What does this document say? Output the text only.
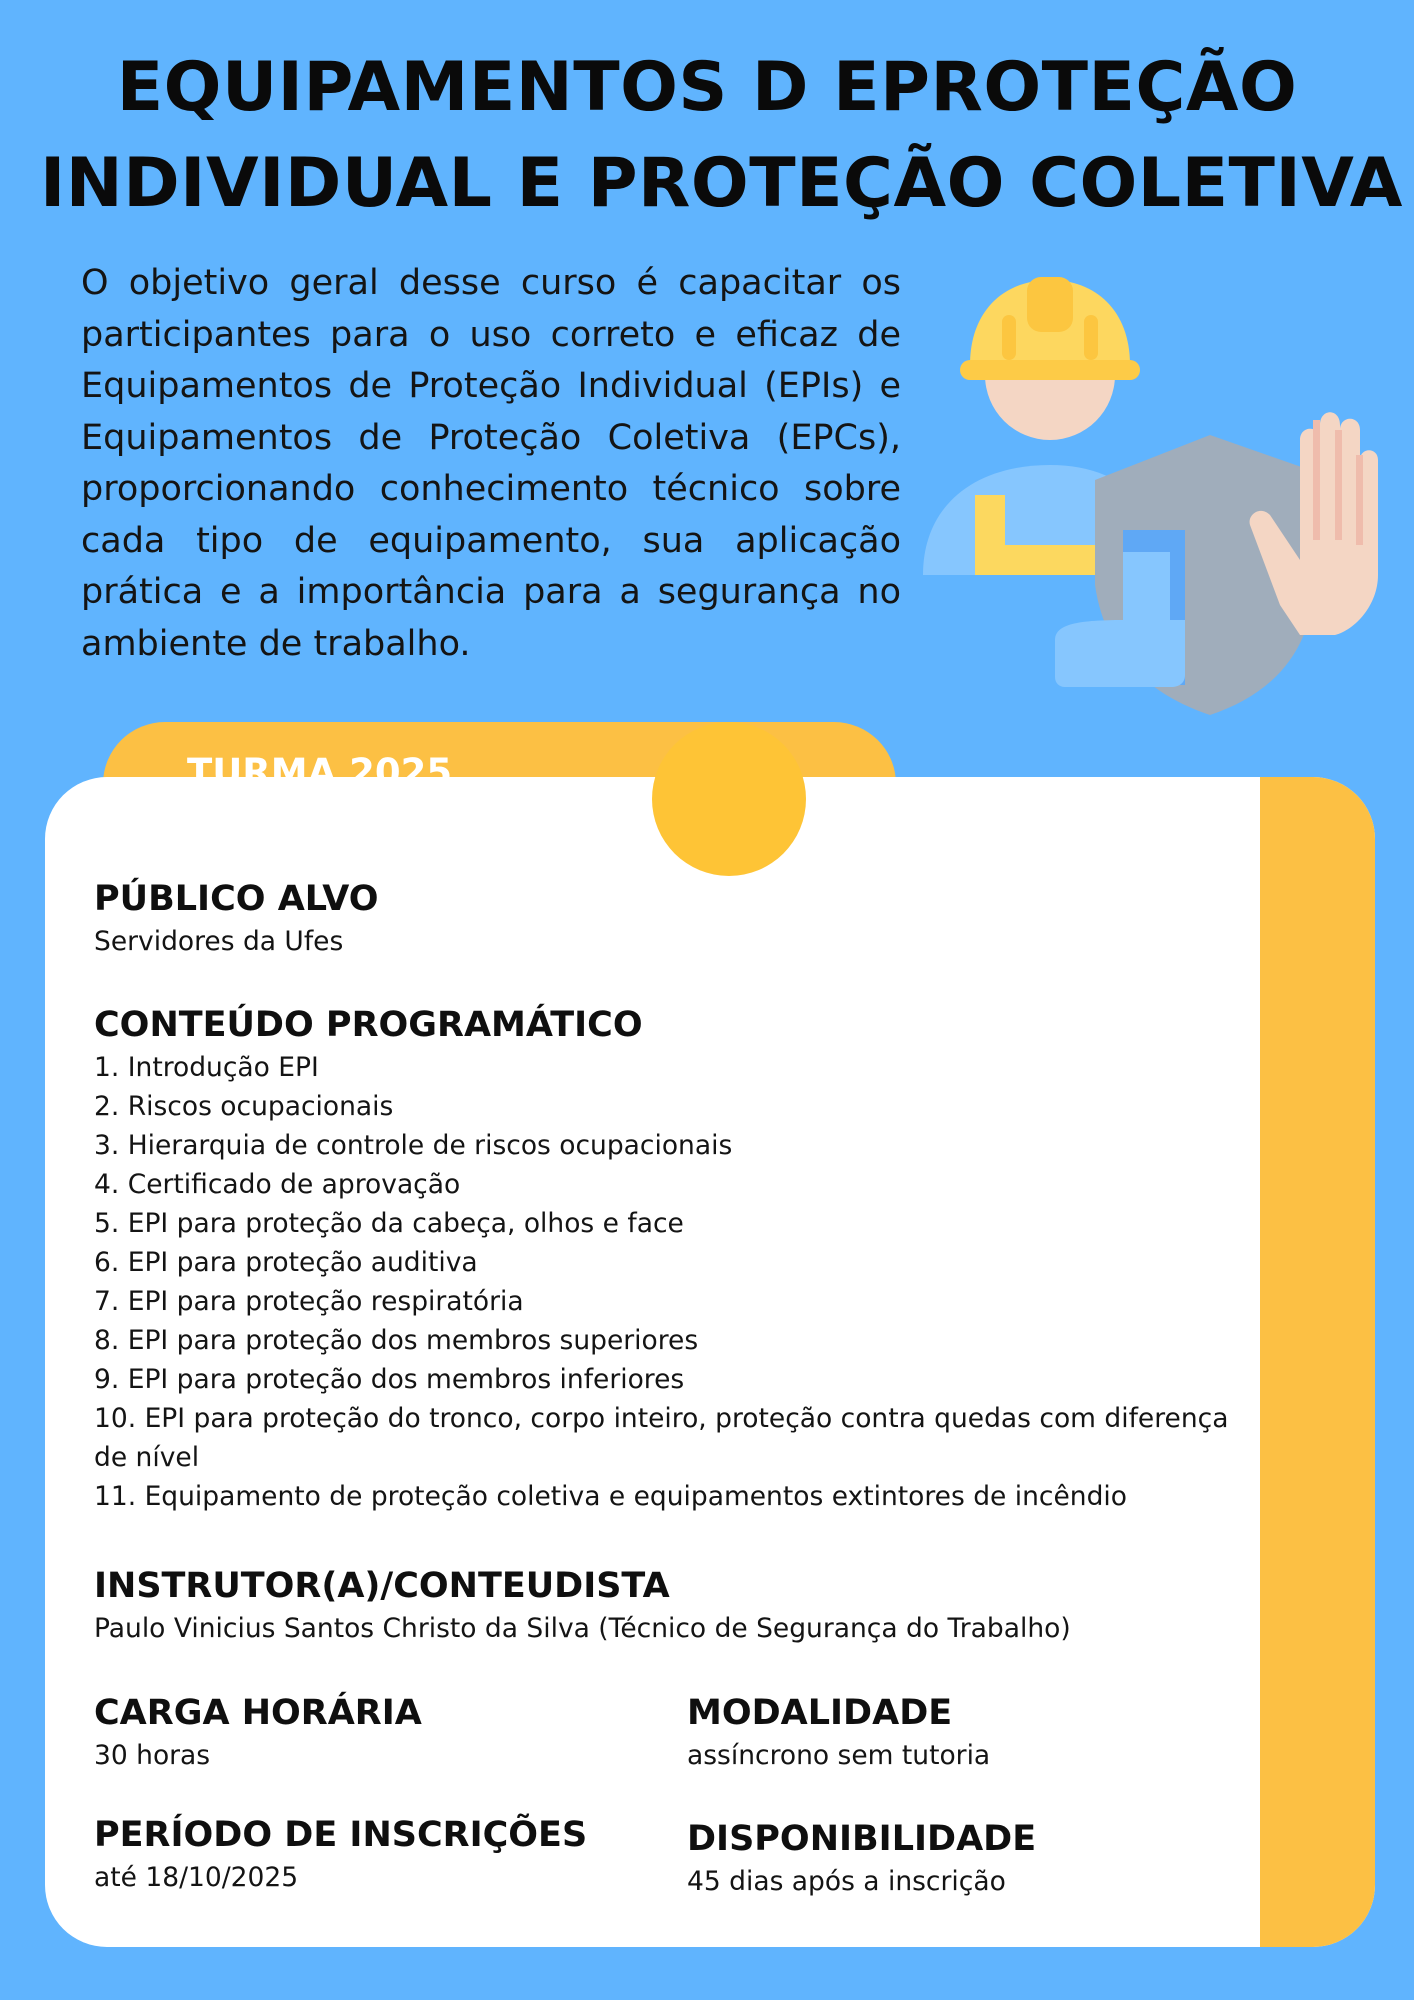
EQUIPAMENTOS D EPROTEÇÃO
INDIVIDUAL E PROTEÇÃO COLETIVA

O objetivo geral desse curso é capacitar os participantes para o uso correto e eficaz de Equipamentos de Proteção Individual (EPIs) e Equipamentos de Proteção Coletiva (EPCs), proporcionando conhecimento técnico sobre cada tipo de equipamento, sua aplicação prática e a importância para a segurança no ambiente de trabalho.

TURMA 2025
PÚBLICO ALVO
Servidores da Ufes
CONTEÚDO PROGRAMÁTICO
1. Introdução EPI
2. Riscos ocupacionais
3. Hierarquia de controle de riscos ocupacionais
4. Certificado de aprovação
5. EPI para proteção da cabeça, olhos e face
6. EPI para proteção auditiva
7. EPI para proteção respiratória
8. EPI para proteção dos membros superiores
9. EPI para proteção dos membros inferiores
10. EPI para proteção do tronco, corpo inteiro, proteção contra quedas com diferença de nível
11. Equipamento de proteção coletiva e equipamentos extintores de incêndio
INSTRUTOR(A)/CONTEUDISTA
Paulo Vinicius Santos Christo da Silva (Técnico de Segurança do Trabalho)
CARGA HORÁRIA
30 horas
MODALIDADE
assíncrono sem tutoria
PERÍODO DE INSCRIÇÕES
até 18/10/2025
DISPONIBILIDADE
45 dias após a inscrição
